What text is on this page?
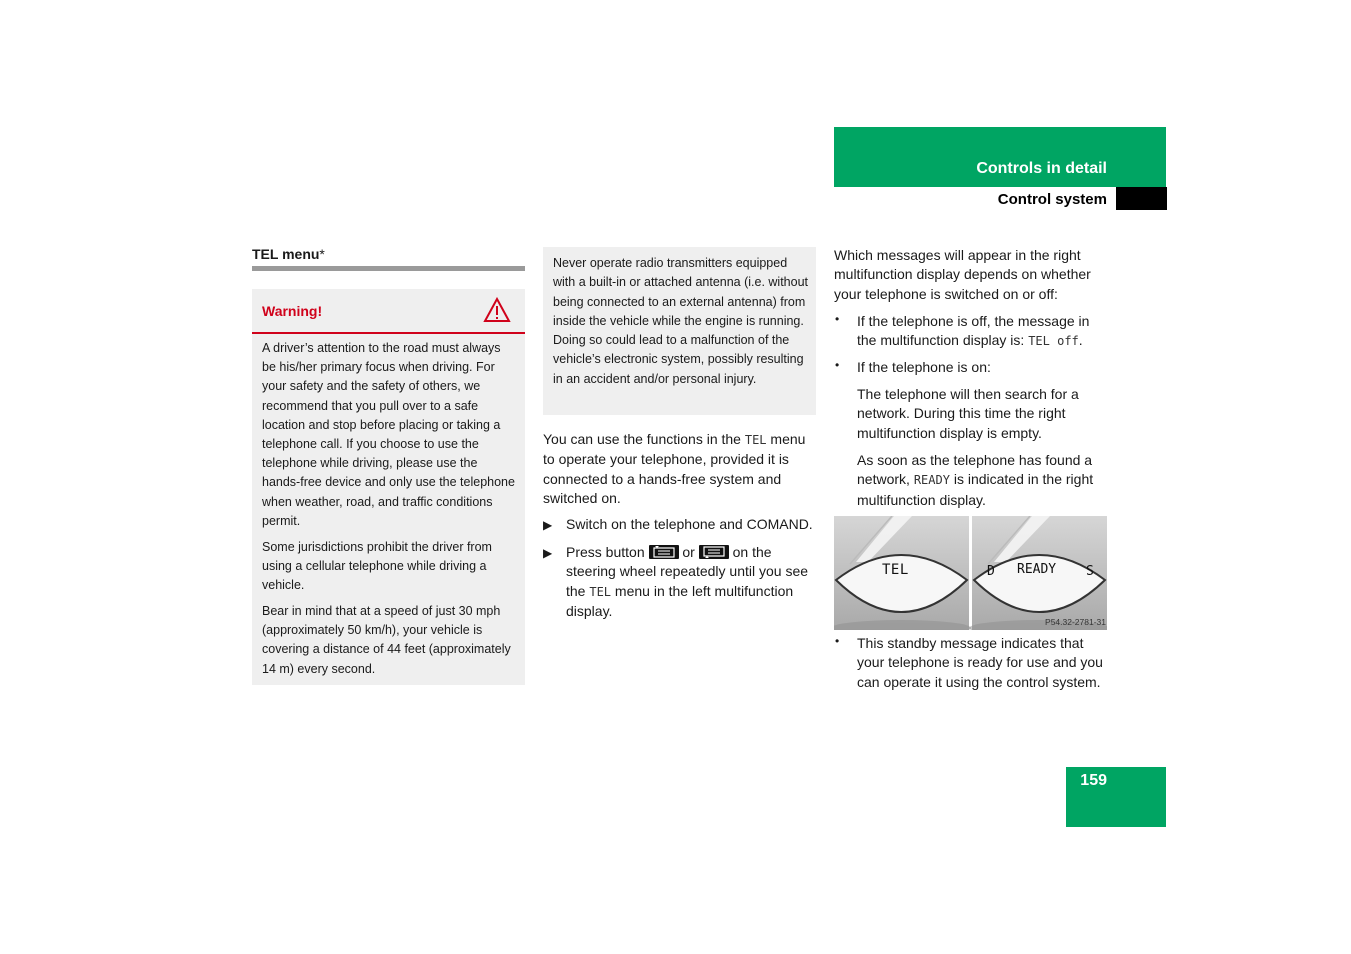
Controls in detail
Control system
TEL menu*
Warning!

A driver’s attention to the road must always be his/her primary focus when driving. For your safety and the safety of others, we recommend that you pull over to a safe location and stop before placing or taking a telephone call. If you choose to use the telephone while driving, please use the hands-free device and only use the telephone when weather, road, and traffic conditions permit.

Some jurisdictions prohibit the driver from using a cellular telephone while driving a vehicle.

Bear in mind that at a speed of just 30 mph (approximately 50 km/h), your vehicle is covering a distance of 44 feet (approximately 14 m) every second.

Never operate radio transmitters equipped with a built-in or attached antenna (i.e. without being connected to an external antenna) from inside the vehicle while the engine is running. Doing so could lead to a malfunction of the vehicle’s electronic system, possibly resulting in an accident and/or personal injury.

You can use the functions in the TEL menu to operate your telephone, provided it is connected to a hands-free system and switched on.

▶ Switch on the telephone and COMAND.

▶ Press button	or	on the steering wheel repeatedly until you see the TEL menu in the left multifunction display.

Which messages will appear in the right multifunction display depends on whether your telephone is switched on or off:

• If the telephone is off, the message in the multifunction display is: TEL off.

• If the telephone is on:

The telephone will then search for a network. During this time the right multifunction display is empty.

As soon as the telephone has found a network, READY is indicated in the right multifunction display.

TEL	D READY S
P54.32-2781-31
• This standby message indicates that your telephone is ready for use and you can operate it using the control system.

159
